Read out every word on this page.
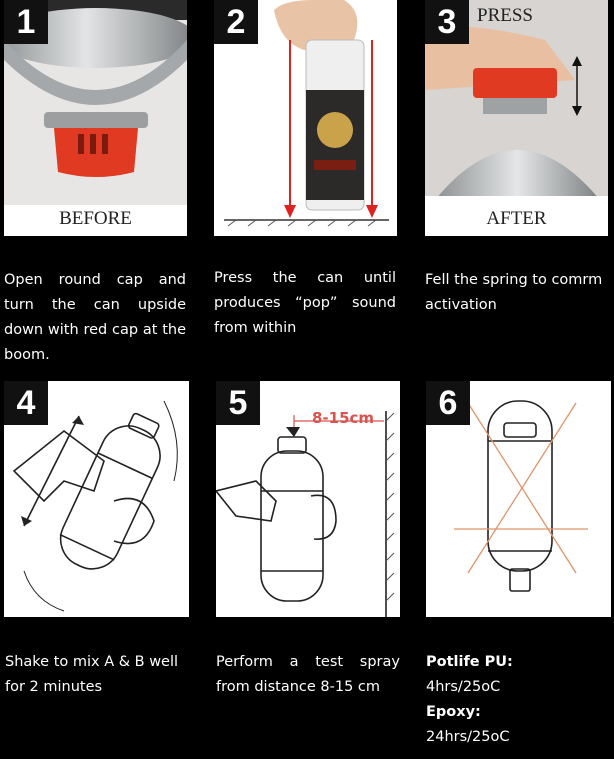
1
BEFORE
2	3	PRESS
AFTER
Open round cap and turn the can upside down with red cap at the boom.
Press the can until produces “pop” sound from within
Fell the spring to comrm activation
4	5	8-15cm	6
Shake to mix A & B well for 2 minutes
Perform a test spray from distance 8-15 cm
Potlife PU:
4hrs/25oC
Epoxy:
24hrs/25oC
